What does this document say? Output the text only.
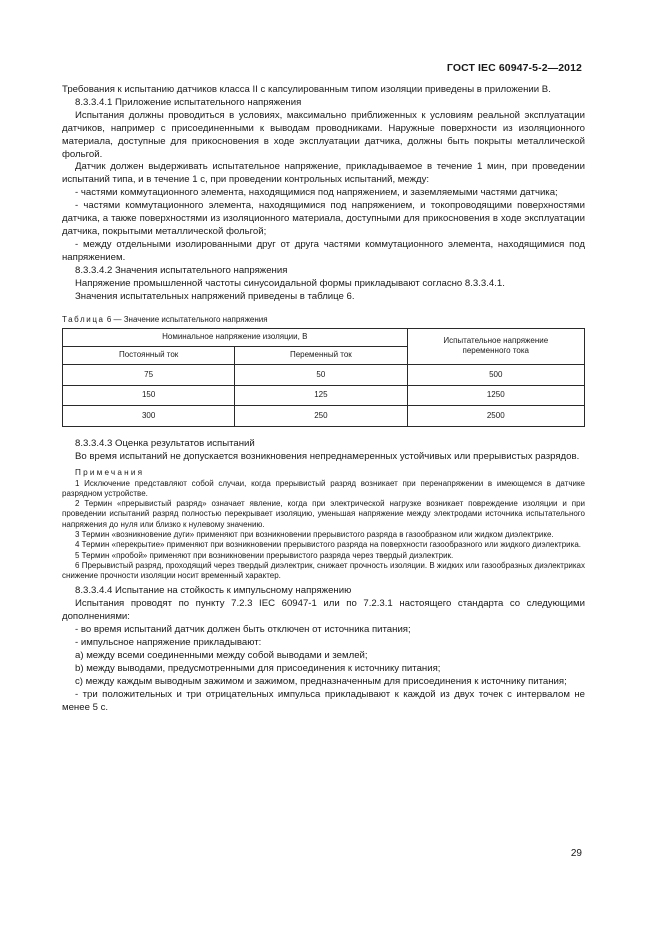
ГОСТ IEC 60947-5-2—2012

Требования к испытанию датчиков класса II с капсулированным типом изоляции приведены в приложении В.

8.3.3.4.1 Приложение испытательного напряжения

Испытания должны проводиться в условиях, максимально приближенных к условиям реальной эксплуатации датчиков, например с присоединенными к выводам проводниками. Наружные поверхности из изоляционного материала, доступные для прикосновения в ходе эксплуатации датчика, должны быть покрыты металлической фольгой.

Датчик должен выдерживать испытательное напряжение, прикладываемое в течение 1 мин, при проведении испытаний типа, и в течение 1 с, при проведении контрольных испытаний, между:

- частями коммутационного элемента, находящимися под напряжением, и заземляемыми частями датчика;

- частями коммутационного элемента, находящимися под напряжением, и токопроводящими поверхностями датчика, а также поверхностями из изоляционного материала, доступными для прикосновения в ходе эксплуатации датчика, покрытыми металлической фольгой;

- между отдельными изолированными друг от друга частями коммутационного элемента, находящимися под напряжением.

8.3.3.4.2 Значения испытательного напряжения

Напряжение промышленной частоты синусоидальной формы прикладывают согласно 8.3.3.4.1.

Значения испытательных напряжений приведены в таблице 6.

Таблица 6 — Значение испытательного напряжения

Номинальное напряжение изоляции, В		Испытательное напряжение переменного тока
Постоянный ток	Переменный ток	
75	50	500
150	125	1250
300	250	2500

8.3.3.4.3 Оценка результатов испытаний

Во время испытаний не допускается возникновения непреднамеренных устойчивых или прерывистых разрядов.

Примечания

1 Исключение представляют собой случаи, когда прерывистый разряд возникает при перенапряжении в имеющемся в датчике разрядном устройстве.

2 Термин «прерывистый разряд» означает явление, когда при электрической нагрузке возникает повреждение изоляции и при проведении испытаний разряд полностью перекрывает изоляцию, уменьшая напряжение между электродами источника испытательного напряжения до нуля или близко к нулевому значению.

3 Термин «возникновение дуги» применяют при возникновении прерывистого разряда в газообразном или жидком диэлектрике.

4 Термин «перекрытие» применяют при возникновении прерывистого разряда на поверхности газообразного или жидкого диэлектрика.

5 Термин «пробой» применяют при возникновении прерывистого разряда через твердый диэлектрик.

6 Прерывистый разряд, проходящий через твердый диэлектрик, снижает прочность изоляции. В жидких или газообразных диэлектриках снижение прочности изоляции носит временный характер.

8.3.3.4.4 Испытание на стойкость к импульсному напряжению

Испытания проводят по пункту 7.2.3 IEC 60947-1 или по 7.2.3.1 настоящего стандарта со следующими дополнениями:

- во время испытаний датчик должен быть отключен от источника питания;

- импульсное напряжение прикладывают:

а) между всеми соединенными между собой выводами и землей;

b) между выводами, предусмотренными для присоединения к источнику питания;

с) между каждым выводным зажимом и зажимом, предназначенным для присоединения к источнику питания;

- три положительных и три отрицательных импульса прикладывают к каждой из двух точек с интервалом не менее 5 с.

29
